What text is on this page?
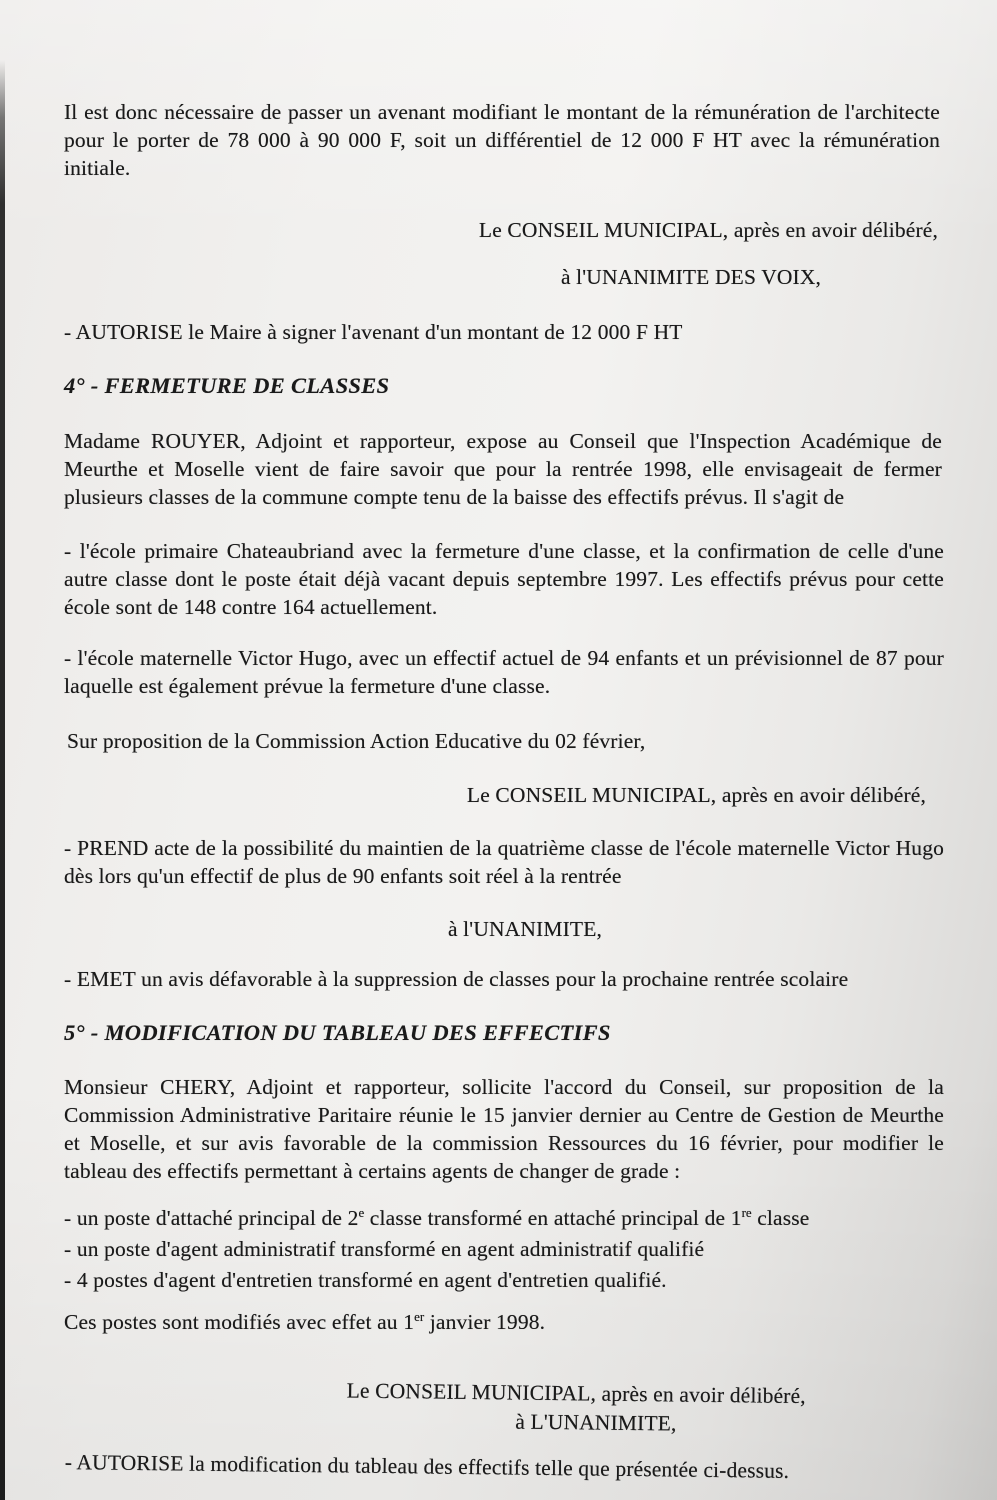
Il est donc nécessaire de passer un avenant modifiant le montant de la rémunération de l'architecte pour le porter de 78 000 à 90 000 F, soit un différentiel de 12 000 F HT avec la rémunération initiale.
Le CONSEIL MUNICIPAL, après en avoir délibéré,
à l'UNANIMITE DES VOIX,
- AUTORISE le Maire à signer l'avenant d'un montant de 12 000 F HT
4° - FERMETURE DE CLASSES
Madame ROUYER, Adjoint et rapporteur, expose au Conseil que l'Inspection Académique de Meurthe et Moselle vient de faire savoir que pour la rentrée 1998, elle envisageait de fermer plusieurs classes de la commune compte tenu de la baisse des effectifs prévus. Il s'agit de
- l'école primaire Chateaubriand avec la fermeture d'une classe, et la confirmation de celle d'une autre classe dont le poste était déjà vacant depuis septembre 1997. Les effectifs prévus pour cette école sont de 148 contre 164 actuellement.
- l'école maternelle Victor Hugo, avec un effectif actuel de 94 enfants et un prévisionnel de 87 pour laquelle est également prévue la fermeture d'une classe.
Sur proposition de la Commission Action Educative du 02 février,
Le CONSEIL MUNICIPAL, après en avoir délibéré,
- PREND acte de la possibilité du maintien de la quatrième classe de l'école maternelle Victor Hugo dès lors qu'un effectif de plus de 90 enfants soit réel à la rentrée
à l'UNANIMITE,
- EMET un avis défavorable à la suppression de classes pour la prochaine rentrée scolaire
5° - MODIFICATION DU TABLEAU DES EFFECTIFS
Monsieur CHERY, Adjoint et rapporteur, sollicite l'accord du Conseil, sur proposition de la Commission Administrative Paritaire réunie le 15 janvier dernier au Centre de Gestion de Meurthe et Moselle, et sur avis favorable de la commission Ressources du 16 février, pour modifier le tableau des effectifs permettant à certains agents de changer de grade :
- un poste d'attaché principal de 2e classe transformé en attaché principal de 1re classe
- un poste d'agent administratif transformé en agent administratif qualifié
- 4 postes d'agent d'entretien transformé en agent d'entretien qualifié.
Ces postes sont modifiés avec effet au 1er janvier 1998.
Le CONSEIL MUNICIPAL, après en avoir délibéré,
à L'UNANIMITE,
- AUTORISE la modification du tableau des effectifs telle que présentée ci-dessus.
